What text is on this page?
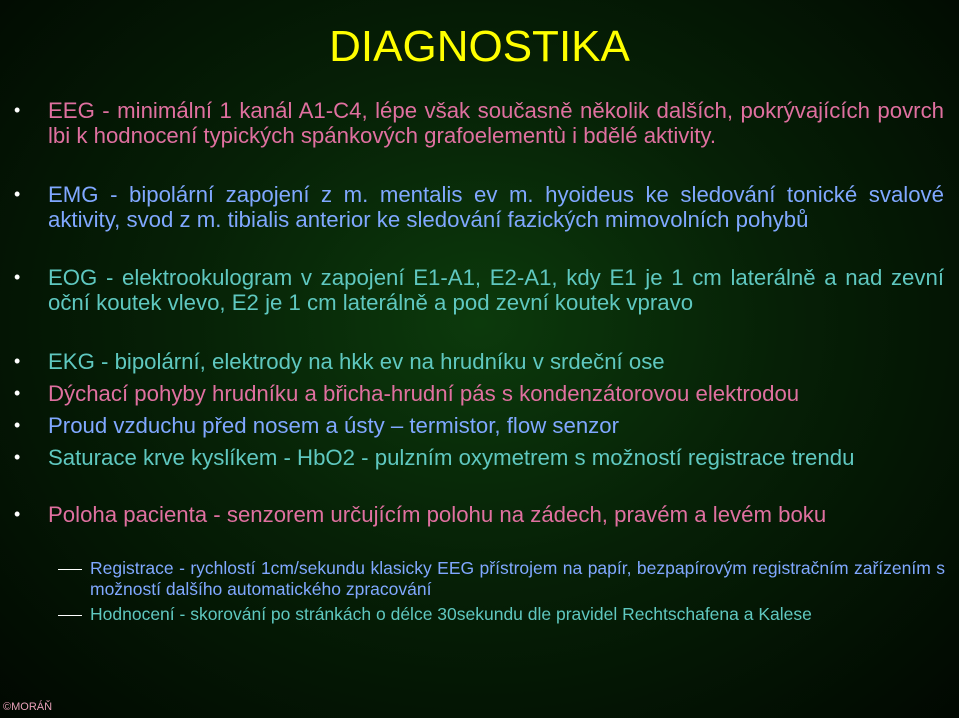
DIAGNOSTIKA
• EEG - minimální 1 kanál A1-C4, lépe však současně několik dalších, pokrývajících povrch lbi k hodnocení typických spánkových grafoelementù i bdělé aktivity.
• EMG - bipolární zapojení z m. mentalis ev m. hyoideus ke sledování tonické svalové aktivity, svod z m. tibialis anterior ke sledování fazických mimovolních pohybů
• EOG - elektrookulogram v zapojení E1-A1, E2-A1, kdy E1 je 1 cm laterálně a nad zevní oční koutek vlevo, E2 je 1 cm laterálně a pod zevní koutek vpravo
• EKG - bipolární, elektrody na hkk ev na hrudníku v srdeční ose
• Dýchací pohyby hrudníku a břicha-hrudní pás s kondenzátorovou elektrodou
• Proud vzduchu před nosem a ústy – termistor, flow senzor
• Saturace krve kyslíkem - HbO2 - pulzním oxymetrem s možností registrace trendu
• Poloha pacienta - senzorem určujícím polohu na zádech, pravém a levém boku
Registrace - rychlostí 1cm/sekundu klasicky EEG přístrojem na papír, bezpapírovým registračním zařízením s možností dalšího automatického zpracování
Hodnocení - skorování po stránkách o délce 30sekundu dle pravidel Rechtschafena a Kalese
©MORÁŇ
